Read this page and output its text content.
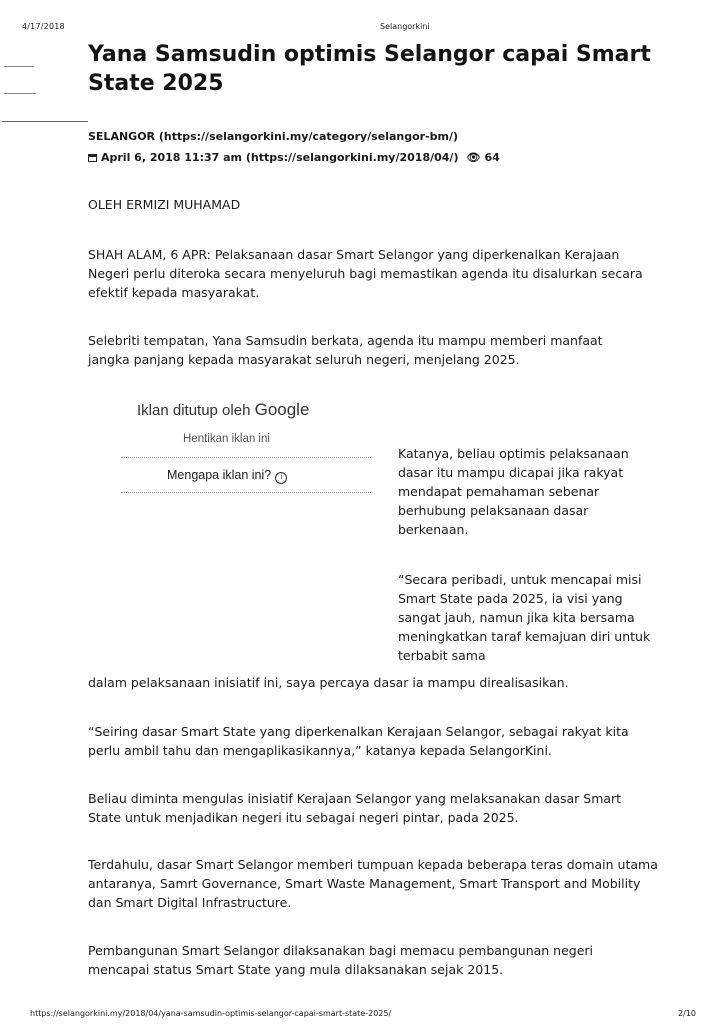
4/17/2018	Selangorkini
Yana Samsudin optimis Selangor capai Smart State 2025
SELANGOR (https://selangorkini.my/category/selangor-bm/)
April 6, 2018 11:37 am (https://selangorkini.my/2018/04/) 👁 64

OLEH ERMIZI MUHAMAD

SHAH ALAM, 6 APR: Pelaksanaan dasar Smart Selangor yang diperkenalkan Kerajaan Negeri perlu diteroka secara menyeluruh bagi memastikan agenda itu disalurkan secara efektif kepada masyarakat.

Selebriti tempatan, Yana Samsudin berkata, agenda itu mampu memberi manfaat jangka panjang kepada masyarakat seluruh negeri, menjelang 2025.

Iklan ditutup oleh Google
Hentikan iklan ini
Mengapa iklan ini? i

Katanya, beliau optimis pelaksanaan dasar itu mampu dicapai jika rakyat mendapat pemahaman sebenar berhubung pelaksanaan dasar berkenaan.

“Secara peribadi, untuk mencapai misi Smart State pada 2025, ia visi yang sangat jauh, namun jika kita bersama meningkatkan taraf kemajuan diri untuk terbabit sama

dalam pelaksanaan inisiatif ini, saya percaya dasar ia mampu direalisasikan.

“Seiring dasar Smart State yang diperkenalkan Kerajaan Selangor, sebagai rakyat kita perlu ambil tahu dan mengaplikasikannya,” katanya kepada SelangorKini.

Beliau diminta mengulas inisiatif Kerajaan Selangor yang melaksanakan dasar Smart State untuk menjadikan negeri itu sebagai negeri pintar, pada 2025.

Terdahulu, dasar Smart Selangor memberi tumpuan kepada beberapa teras domain utama antaranya, Samrt Governance, Smart Waste Management, Smart Transport and Mobility dan Smart Digital Infrastructure.

Pembangunan Smart Selangor dilaksanakan bagi memacu pembangunan negeri mencapai status Smart State yang mula dilaksanakan sejak 2015.

https://selangorkini.my/2018/04/yana-samsudin-optimis-selangor-capai-smart-state-2025/	2/10
